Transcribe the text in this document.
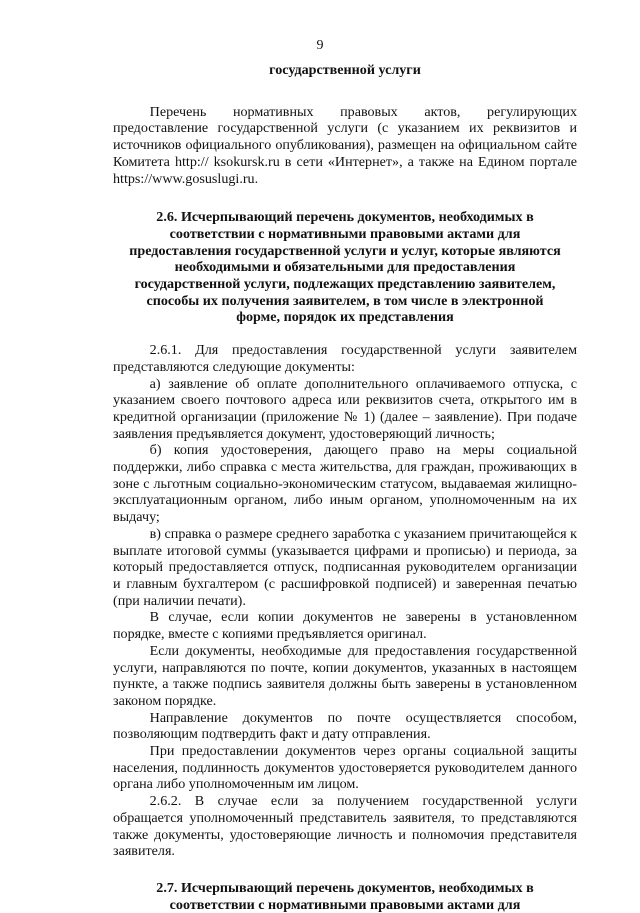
9
государственной услуги

Перечень нормативных правовых актов, регулирующих предоставление государственной услуги (с указанием их реквизитов и источников официального опубликования), размещен на официальном сайте Комитета http:// ksokursk.ru в сети «Интернет», а также на Едином портале https://www.gosuslugi.ru.

2.6. Исчерпывающий перечень документов, необходимых в соответствии с нормативными правовыми актами для предоставления государственной услуги и услуг, которые являются необходимыми и обязательными для предоставления государственной услуги, подлежащих представлению заявителем, способы их получения заявителем, в том числе в электронной форме, порядок их представления

2.6.1. Для предоставления государственной услуги заявителем представляются следующие документы:

а) заявление об оплате дополнительного оплачиваемого отпуска, с указанием своего почтового адреса или реквизитов счета, открытого им в кредитной организации (приложение № 1) (далее – заявление). При подаче заявления предъявляется документ, удостоверяющий личность;

б) копия удостоверения, дающего право на меры социальной поддержки, либо справка с места жительства, для граждан, проживающих в зоне с льготным социально-экономическим статусом, выдаваемая жилищно-эксплуатационным органом, либо иным органом, уполномоченным на их выдачу;

в) справка о размере среднего заработка с указанием причитающейся к выплате итоговой суммы (указывается цифрами и прописью) и периода, за который предоставляется отпуск, подписанная руководителем организации и главным бухгалтером (с расшифровкой подписей) и заверенная печатью (при наличии печати).

В случае, если копии документов не заверены в установленном порядке, вместе с копиями предъявляется оригинал.

Если документы, необходимые для предоставления государственной услуги, направляются по почте, копии документов, указанных в настоящем пункте, а также подпись заявителя должны быть заверены в установленном законом порядке.

Направление документов по почте осуществляется способом, позволяющим подтвердить факт и дату отправления.

При предоставлении документов через органы социальной защиты населения, подлинность документов удостоверяется руководителем данного органа либо уполномоченным им лицом.

2.6.2. В случае если за получением государственной услуги обращается уполномоченный представитель заявителя, то представляются также документы, удостоверяющие личность и полномочия представителя заявителя.

2.7. Исчерпывающий перечень документов, необходимых в соответствии с нормативными правовыми актами для
